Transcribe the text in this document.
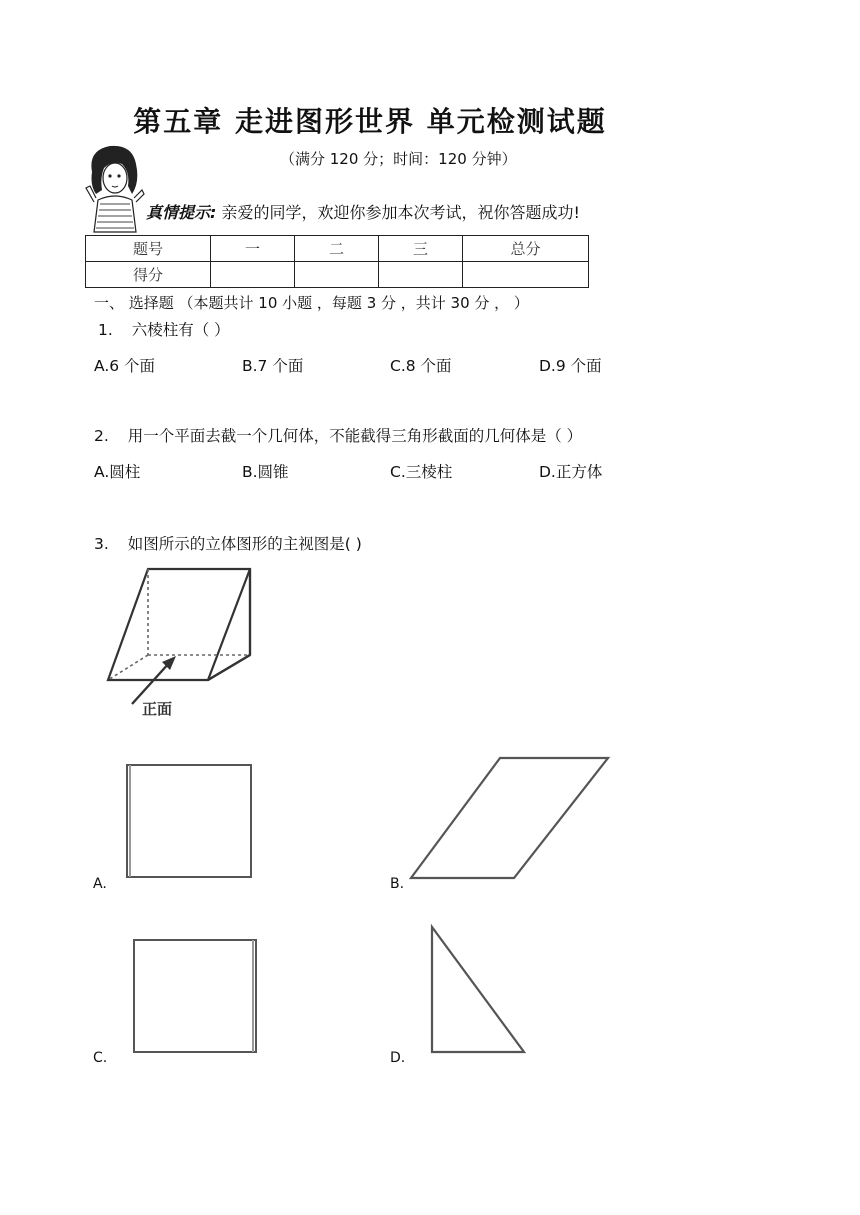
第五章 走进图形世界 单元检测试题
（满分 120 分；时间：120 分钟）
真情提示: 亲爱的同学，欢迎你参加本次考试，祝你答题成功!
题号	一	二	三	总分
得分				
一、 选择题 （本题共计 10 小题 ，每题 3 分 ，共计 30 分 ， ）
1. 六棱柱有（ ）
A.6 个面	B.7 个面	C.8 个面	D.9 个面
2. 用一个平面去截一个几何体，不能截得三角形截面的几何体是（ ）
A.圆柱	B.圆锥	C.三棱柱	D.正方体
3. 如图所示的立体图形的主视图是( )
正面
A.	B.
C.	D.
